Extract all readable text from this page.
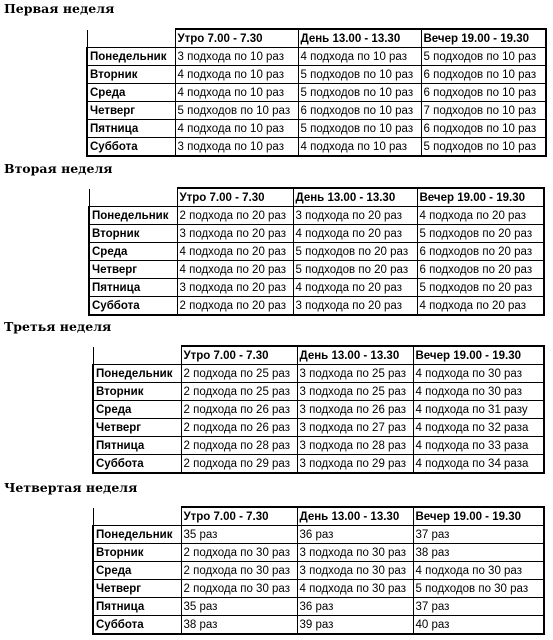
Первая неделя
	Утро 7.00 - 7.30	День 13.00 - 13.30	Вечер 19.00 - 19.30
Понедельник	3 подхода по 10 раз	4 подхода по 10 раз	5 подходов по 10 раз
Вторник	4 подхода по 10 раз	5 подходов по 10 раз	6 подходов по 10 раз
Среда	4 подхода по 10 раз	5 подходов по 10 раз	6 подходов по 10 раз
Четверг	5 подходов по 10 раз	6 подходов по 10 раз	7 подходов по 10 раз
Пятница	4 подхода по 10 раз	5 подходов по 10 раз	6 подходов по 10 раз
Суббота	3 подхода по 10 раз	4 подхода по 10 раз	5 подходов по 10 раз
Вторая неделя
	Утро 7.00 - 7.30	День 13.00 - 13.30	Вечер 19.00 - 19.30
Понедельник	2 подхода по 20 раз	3 подхода по 20 раз	4 подхода по 20 раз
Вторник	3 подхода по 20 раз	4 подхода по 20 раз	5 подходов по 20 раз
Среда	4 подхода по 20 раз	5 подходов по 20 раз	6 подходов по 20 раз
Четверг	4 подхода по 20 раз	5 подходов по 20 раз	6 подходов по 20 раз
Пятница	3 подхода по 20 раз	4 подхода по 20 раз	5 подходов по 20 раз
Суббота	2 подхода по 20 раз	3 подхода по 20 раз	4 подхода по 20 раз
Третья неделя
	Утро 7.00 - 7.30	День 13.00 - 13.30	Вечер 19.00 - 19.30
Понедельник	2 подхода по 25 раз	3 подхода по 25 раз	4 подхода по 30 раз
Вторник	2 подхода по 25 раз	3 подхода по 25 раз	4 подхода по 30 раз
Среда	2 подхода по 26 раз	3 подхода по 26 раз	4 подхода по 31 разу
Четверг	2 подхода по 26 раз	3 подхода по 27 раз	4 подхода по 32 раза
Пятница	2 подхода по 28 раз	3 подхода по 28 раз	4 подхода по 33 раза
Суббота	2 подхода по 29 раз	3 подхода по 29 раз	4 подхода по 34 раза
Четвертая неделя
	Утро 7.00 - 7.30	День 13.00 - 13.30	Вечер 19.00 - 19.30
Понедельник	35 раз	36 раз	37 раз
Вторник	2 подхода по 30 раз	3 подхода по 30 раз	38 раз
Среда	2 подхода по 30 раз	3 подхода по 30 раз	4 подхода по 30 раз
Четверг	2 подхода по 30 раз	4 подхода по 30 раз	5 подходов по 30 раз
Пятница	35 раз	36 раз	37 раз
Суббота	38 раз	39 раз	40 раз
